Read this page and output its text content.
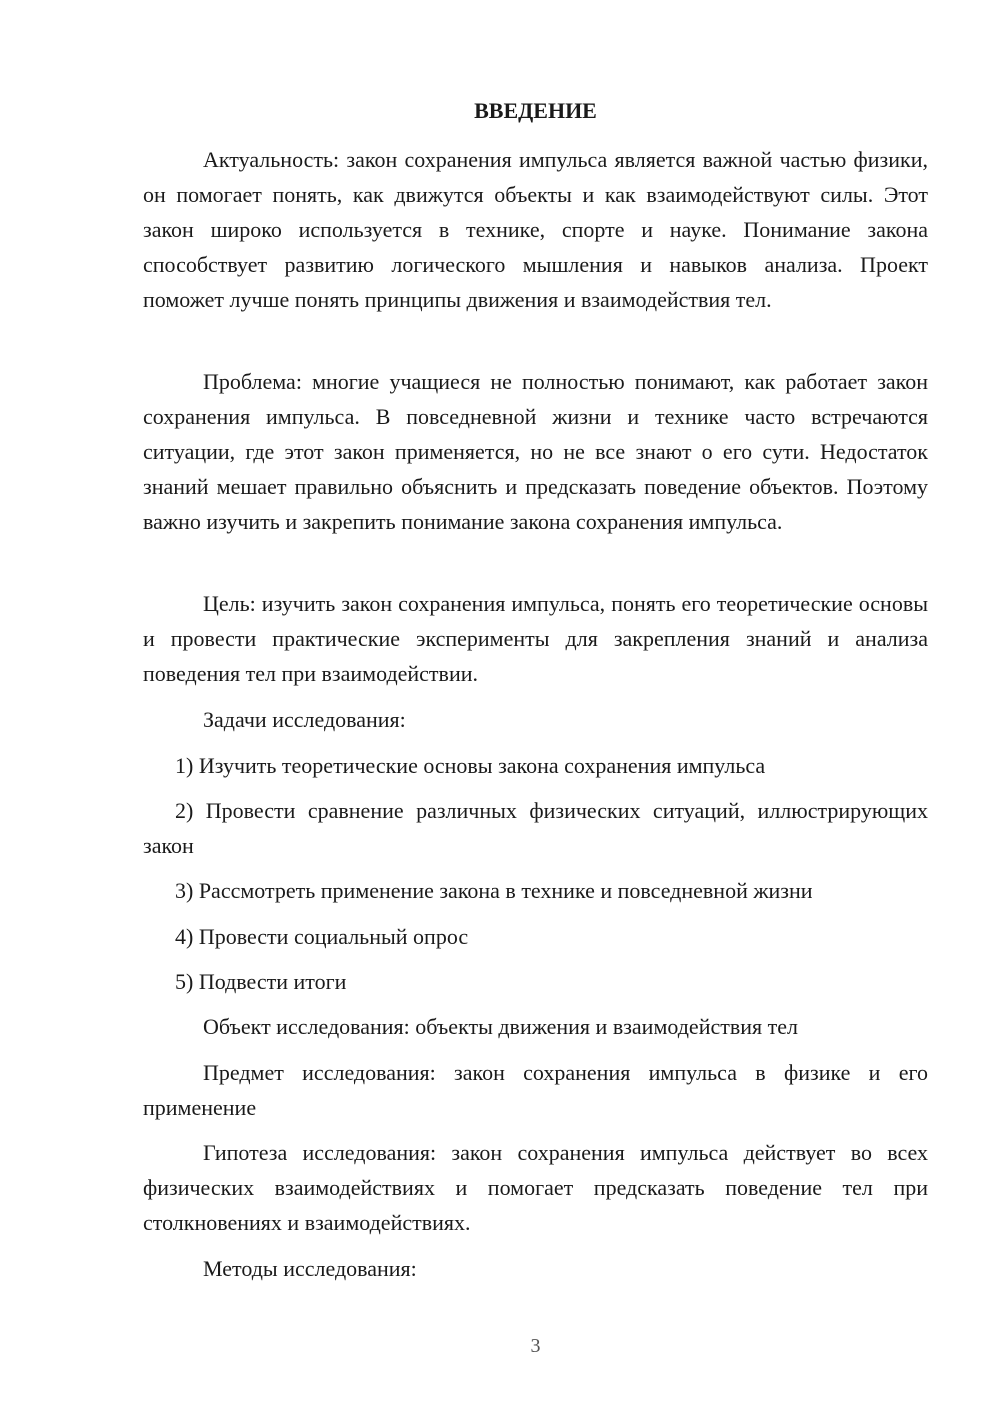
ВВЕДЕНИЕ

Актуальность: закон сохранения импульса является важной частью физики, он помогает понять, как движутся объекты и как взаимодействуют силы. Этот закон широко используется в технике, спорте и науке. Понимание закона способствует развитию логического мышления и навыков анализа. Проект поможет лучше понять принципы движения и взаимодействия тел.

Проблема: многие учащиеся не полностью понимают, как работает закон сохранения импульса. В повседневной жизни и технике часто встречаются ситуации, где этот закон применяется, но не все знают о его сути. Недостаток знаний мешает правильно объяснить и предсказать поведение объектов. Поэтому важно изучить и закрепить понимание закона сохранения импульса.

Цель: изучить закон сохранения импульса, понять его теоретические основы и провести практические эксперименты для закрепления знаний и анализа поведения тел при взаимодействии.

Задачи исследования:

1) Изучить теоретические основы закона сохранения импульса

2) Провести сравнение различных физических ситуаций, иллюстрирующих закон

3) Рассмотреть применение закона в технике и повседневной жизни

4) Провести социальный опрос

5) Подвести итоги

Объект исследования: объекты движения и взаимодействия тел

Предмет исследования: закон сохранения импульса в физике и его применение

Гипотеза исследования: закон сохранения импульса действует во всех физических взаимодействиях и помогает предсказать поведение тел при столкновениях и взаимодействиях.

Методы исследования:

3
